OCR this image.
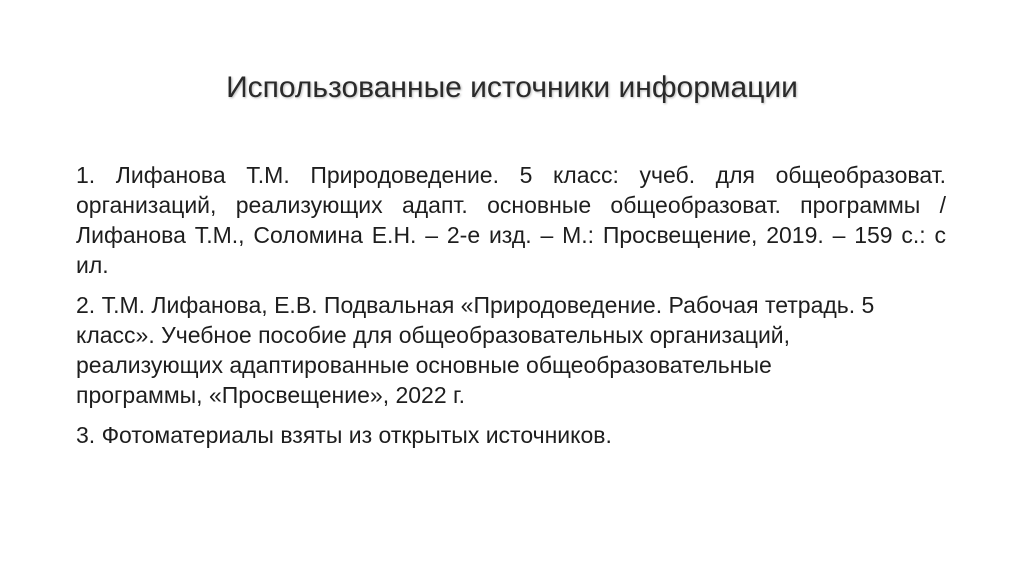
Использованные источники информации

1. Лифанова Т.М. Природоведение. 5 класс: учеб. для общеобразоват. организаций, реализующих адапт. основные общеобразоват. программы / Лифанова Т.М., Соломина Е.Н. – 2-е изд. – М.: Просвещение, 2019. – 159 с.: с ил.

2. Т.М. Лифанова, Е.В. Подвальная «Природоведение. Рабочая тетрадь. 5 класс». Учебное пособие для общеобразовательных организаций, реализующих адаптированные основные общеобразовательные программы, «Просвещение», 2022 г.

3. Фотоматериалы взяты из открытых источников.
